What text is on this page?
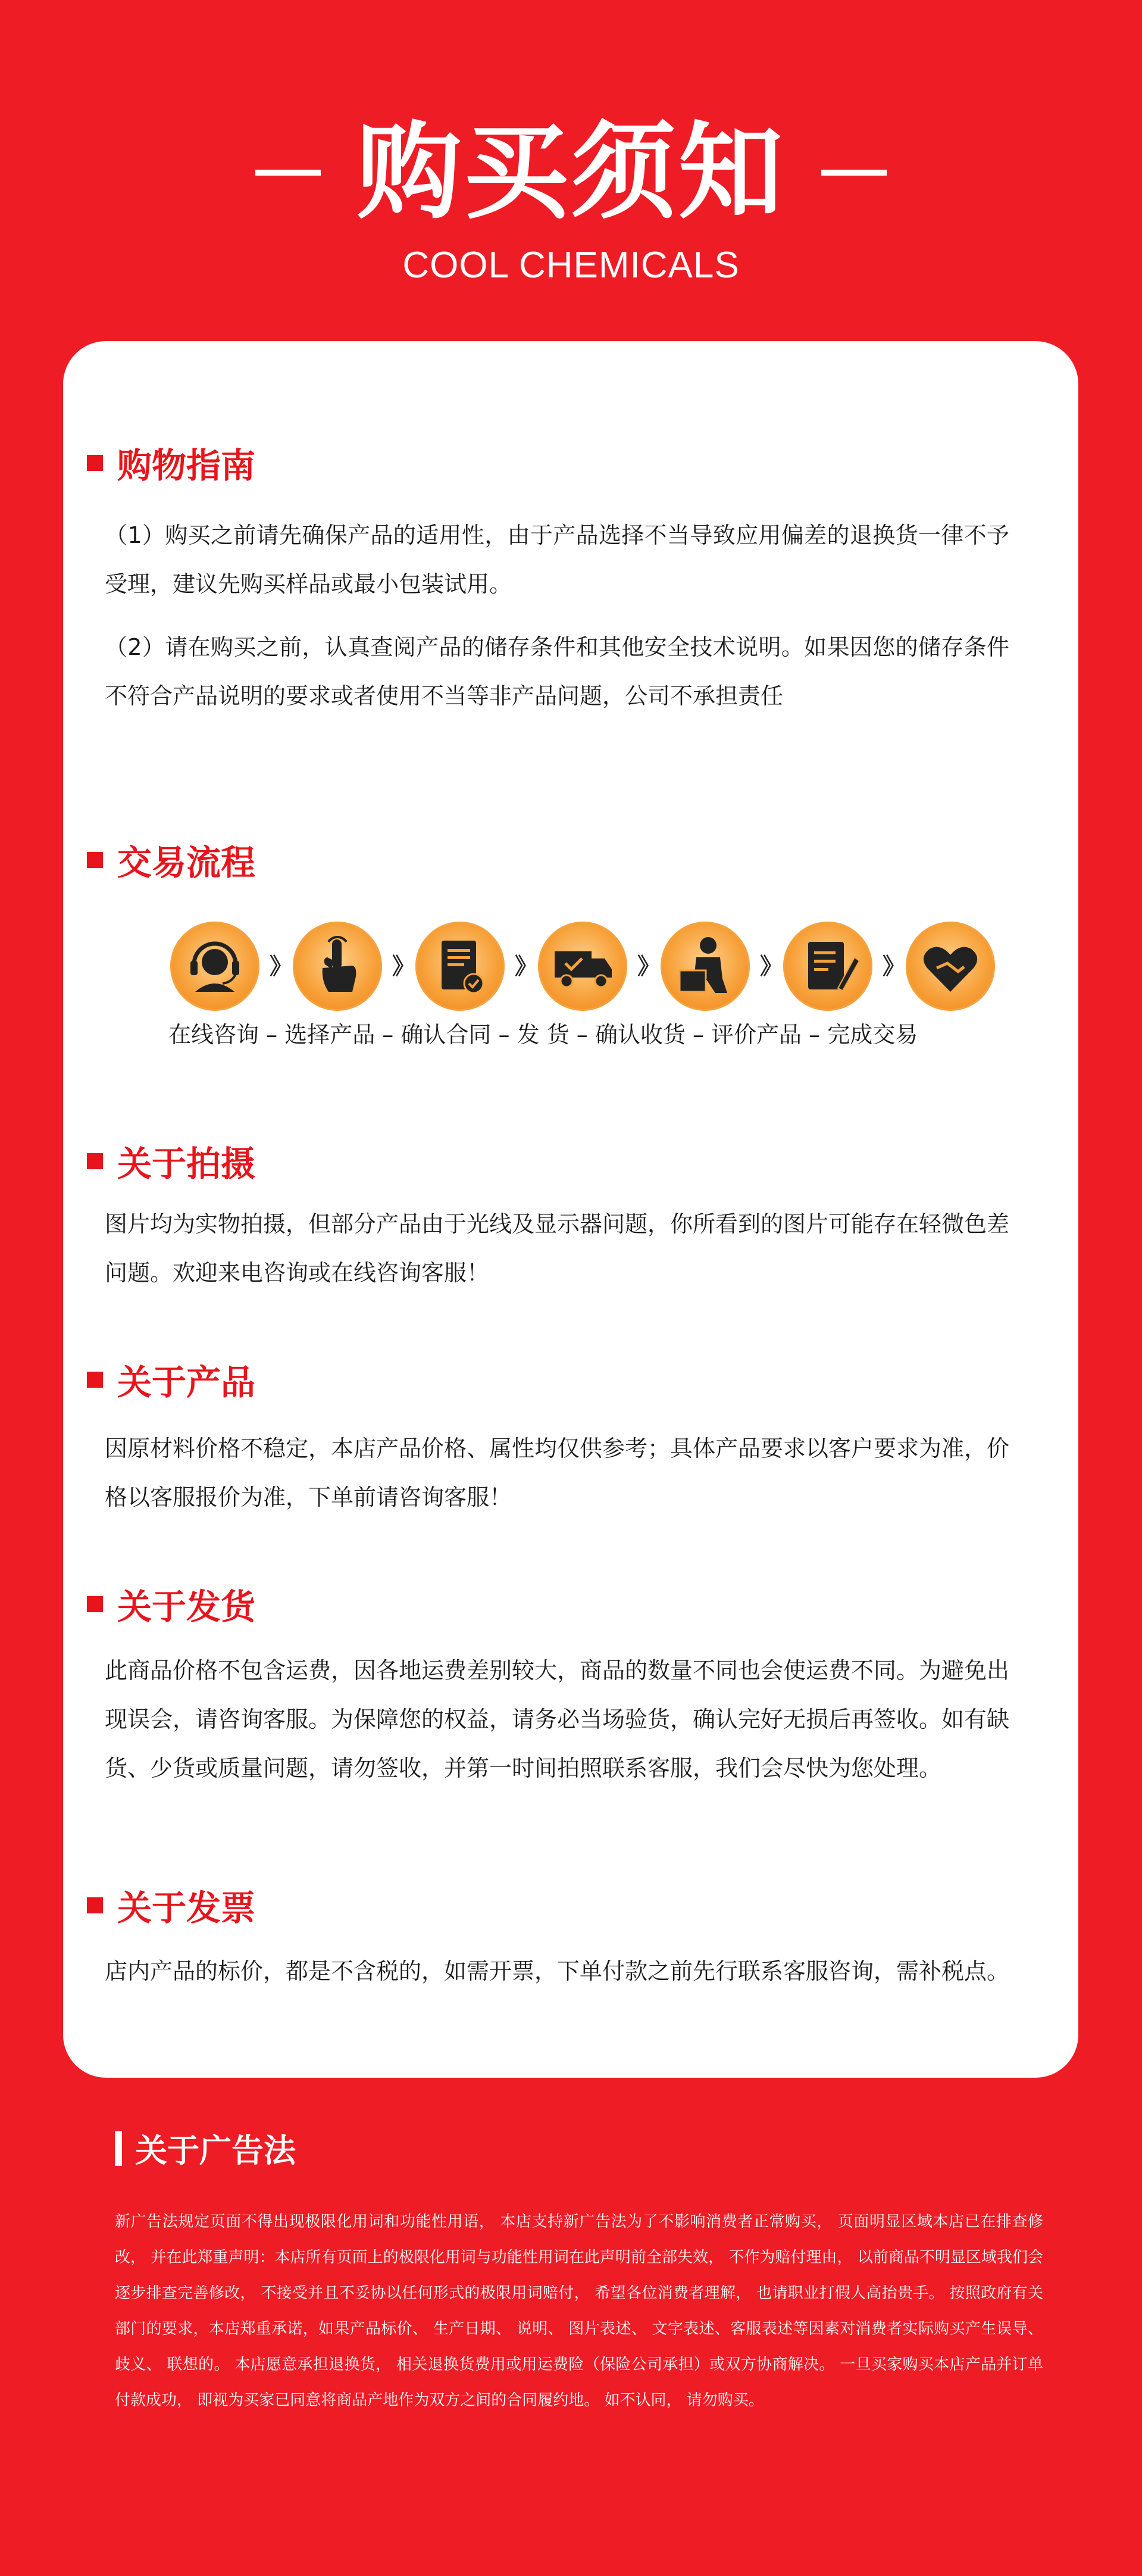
购买须知
COOL CHEMICALS
购物指南
（1）购买之前请先确保产品的适用性，由于产品选择不当导致应用偏差的退换货一律不予受理，建议先购买样品或最小包装试用。
（2）请在购买之前，认真查阅产品的储存条件和其他安全技术说明。如果因您的储存条件不符合产品说明的要求或者使用不当等非产品问题，公司不承担责任
交易流程
》	》	》	》	》	》
在线咨询 – 选择产品 – 确认合同 – 发 货 – 确认收货 – 评价产品 – 完成交易
关于拍摄
图片均为实物拍摄，但部分产品由于光线及显示器问题，你所看到的图片可能存在轻微色差问题。欢迎来电咨询或在线咨询客服！
关于产品
因原材料价格不稳定，本店产品价格、属性均仅供参考；具体产品要求以客户要求为准，价格以客服报价为准，下单前请咨询客服！
关于发货
此商品价格不包含运费，因各地运费差别较大，商品的数量不同也会使运费不同。为避免出现误会，请咨询客服。为保障您的权益，请务必当场验货，确认完好无损后再签收。如有缺货、少货或质量问题，请勿签收，并第一时间拍照联系客服，我们会尽快为您处理。
关于发票
店内产品的标价，都是不含税的，如需开票，下单付款之前先行联系客服咨询，需补税点。
关于广告法
新广告法规定页面不得出现极限化用词和功能性用语， 本店支持新广告法为了不影响消费者正常购买， 页面明显区域本店已在排查修改， 并在此郑重声明：本店所有页面上的极限化用词与功能性用词在此声明前全部失效， 不作为赔付理由， 以前商品不明显区域我们会逐步排查完善修改， 不接受并且不妥协以任何形式的极限用词赔付， 希望各位消费者理解， 也请职业打假人高抬贵手。 按照政府有关部门的要求，本店郑重承诺，如果产品标价、 生产日期、 说明、 图片表述、 文字表述、客服表述等因素对消费者实际购买产生误导、 歧义、 联想的。 本店愿意承担退换货， 相关退换货费用或用运费险（保险公司承担）或双方协商解决。 一旦买家购买本店产品并订单付款成功， 即视为买家已同意将商品产地作为双方之间的合同履约地。 如不认同， 请勿购买。
